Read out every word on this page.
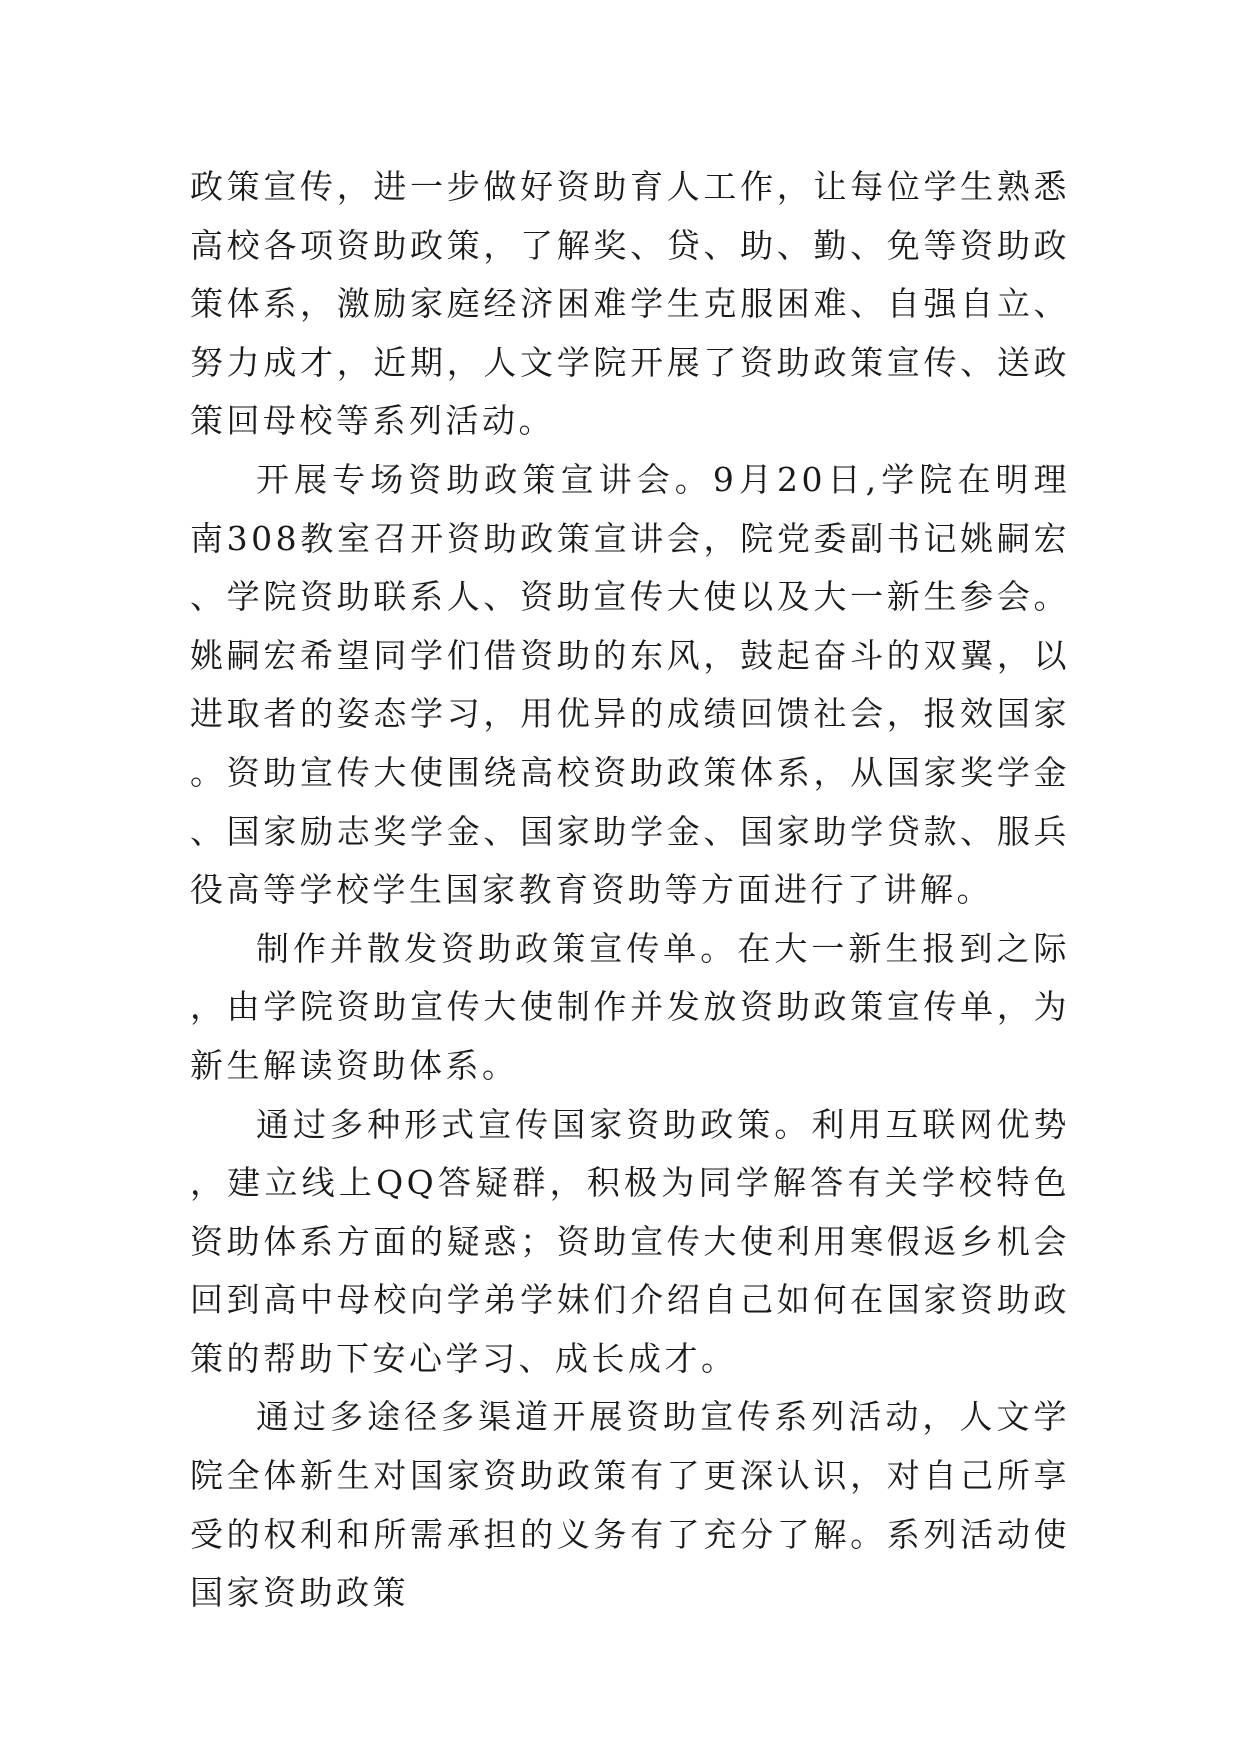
政策宣传，进一步做好资助育人工作，让每位学生熟悉高校各项资助政策，了解奖、贷、助、勤、免等资助政策体系，激励家庭经济困难学生克服困难、自强自立、努力成才，近期，人文学院开展了资助政策宣传、送政策回母校等系列活动。

开展专场资助政策宣讲会。9月20日,学院在明理南308教室召开资助政策宣讲会，院党委副书记姚嗣宏、学院资助联系人、资助宣传大使以及大一新生参会。姚嗣宏希望同学们借资助的东风，鼓起奋斗的双翼，以进取者的姿态学习，用优异的成绩回馈社会，报效国家。资助宣传大使围绕高校资助政策体系，从国家奖学金、国家励志奖学金、国家助学金、国家助学贷款、服兵役高等学校学生国家教育资助等方面进行了讲解。

制作并散发资助政策宣传单。在大一新生报到之际，由学院资助宣传大使制作并发放资助政策宣传单，为新生解读资助体系。

通过多种形式宣传国家资助政策。利用互联网优势，建立线上QQ答疑群，积极为同学解答有关学校特色资助体系方面的疑惑；资助宣传大使利用寒假返乡机会回到高中母校向学弟学妹们介绍自己如何在国家资助政策的帮助下安心学习、成长成才。

通过多途径多渠道开展资助宣传系列活动，人文学院全体新生对国家资助政策有了更深认识，对自己所享受的权利和所需承担的义务有了充分了解。系列活动使国家资助政策
